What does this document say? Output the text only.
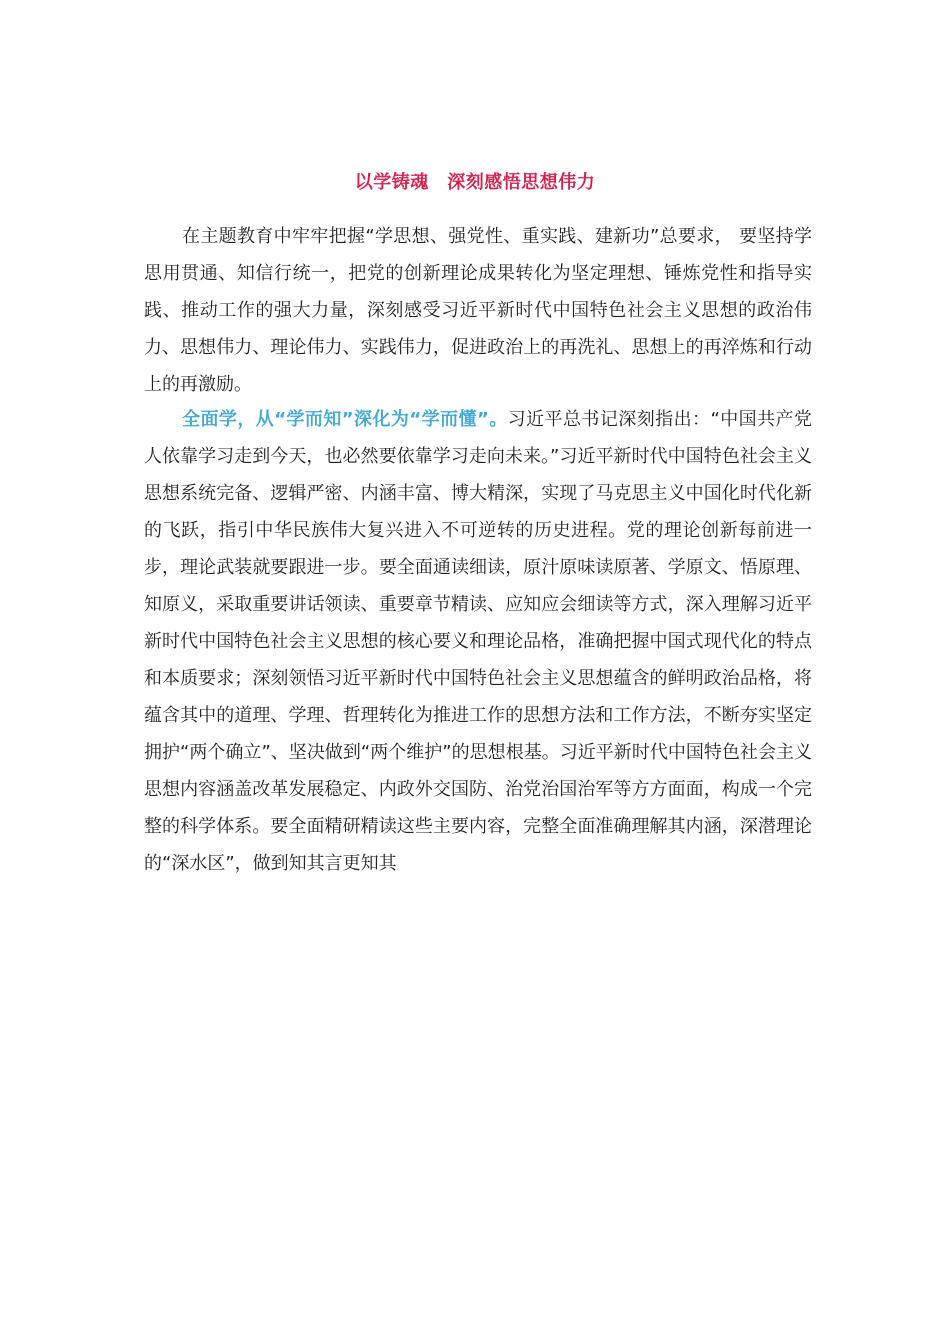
以学铸魂　深刻感悟思想伟力

在主题教育中牢牢把握“学思想、强党性、重实践、建新功”总要求， 要坚持学思用贯通、知信行统一，把党的创新理论成果转化为坚定理想、锤炼党性和指导实践、推动工作的强大力量，深刻感受习近平新时代中国特色社会主义思想的政治伟力、思想伟力、理论伟力、实践伟力，促进政治上的再洗礼、思想上的再淬炼和行动上的再激励。

全面学，从“学而知”深化为“学而懂”。习近平总书记深刻指出：“中国共产党人依靠学习走到今天，也必然要依靠学习走向未来。”习近平新时代中国特色社会主义思想系统完备、逻辑严密、内涵丰富、博大精深，实现了马克思主义中国化时代化新的飞跃，指引中华民族伟大复兴进入不可逆转的历史进程。党的理论创新每前进一步，理论武装就要跟进一步。要全面通读细读，原汁原味读原著、学原文、悟原理、知原义，采取重要讲话领读、重要章节精读、应知应会细读等方式，深入理解习近平新时代中国特色社会主义思想的核心要义和理论品格，准确把握中国式现代化的特点和本质要求；深刻领悟习近平新时代中国特色社会主义思想蕴含的鲜明政治品格，将蕴含其中的道理、学理、哲理转化为推进工作的思想方法和工作方法，不断夯实坚定拥护“两个确立”、坚决做到“两个维护”的思想根基。习近平新时代中国特色社会主义思想内容涵盖改革发展稳定、内政外交国防、治党治国治军等方方面面，构成一个完整的科学体系。要全面精研精读这些主要内容，完整全面准确理解其内涵，深潜理论的“深水区”，做到知其言更知其
